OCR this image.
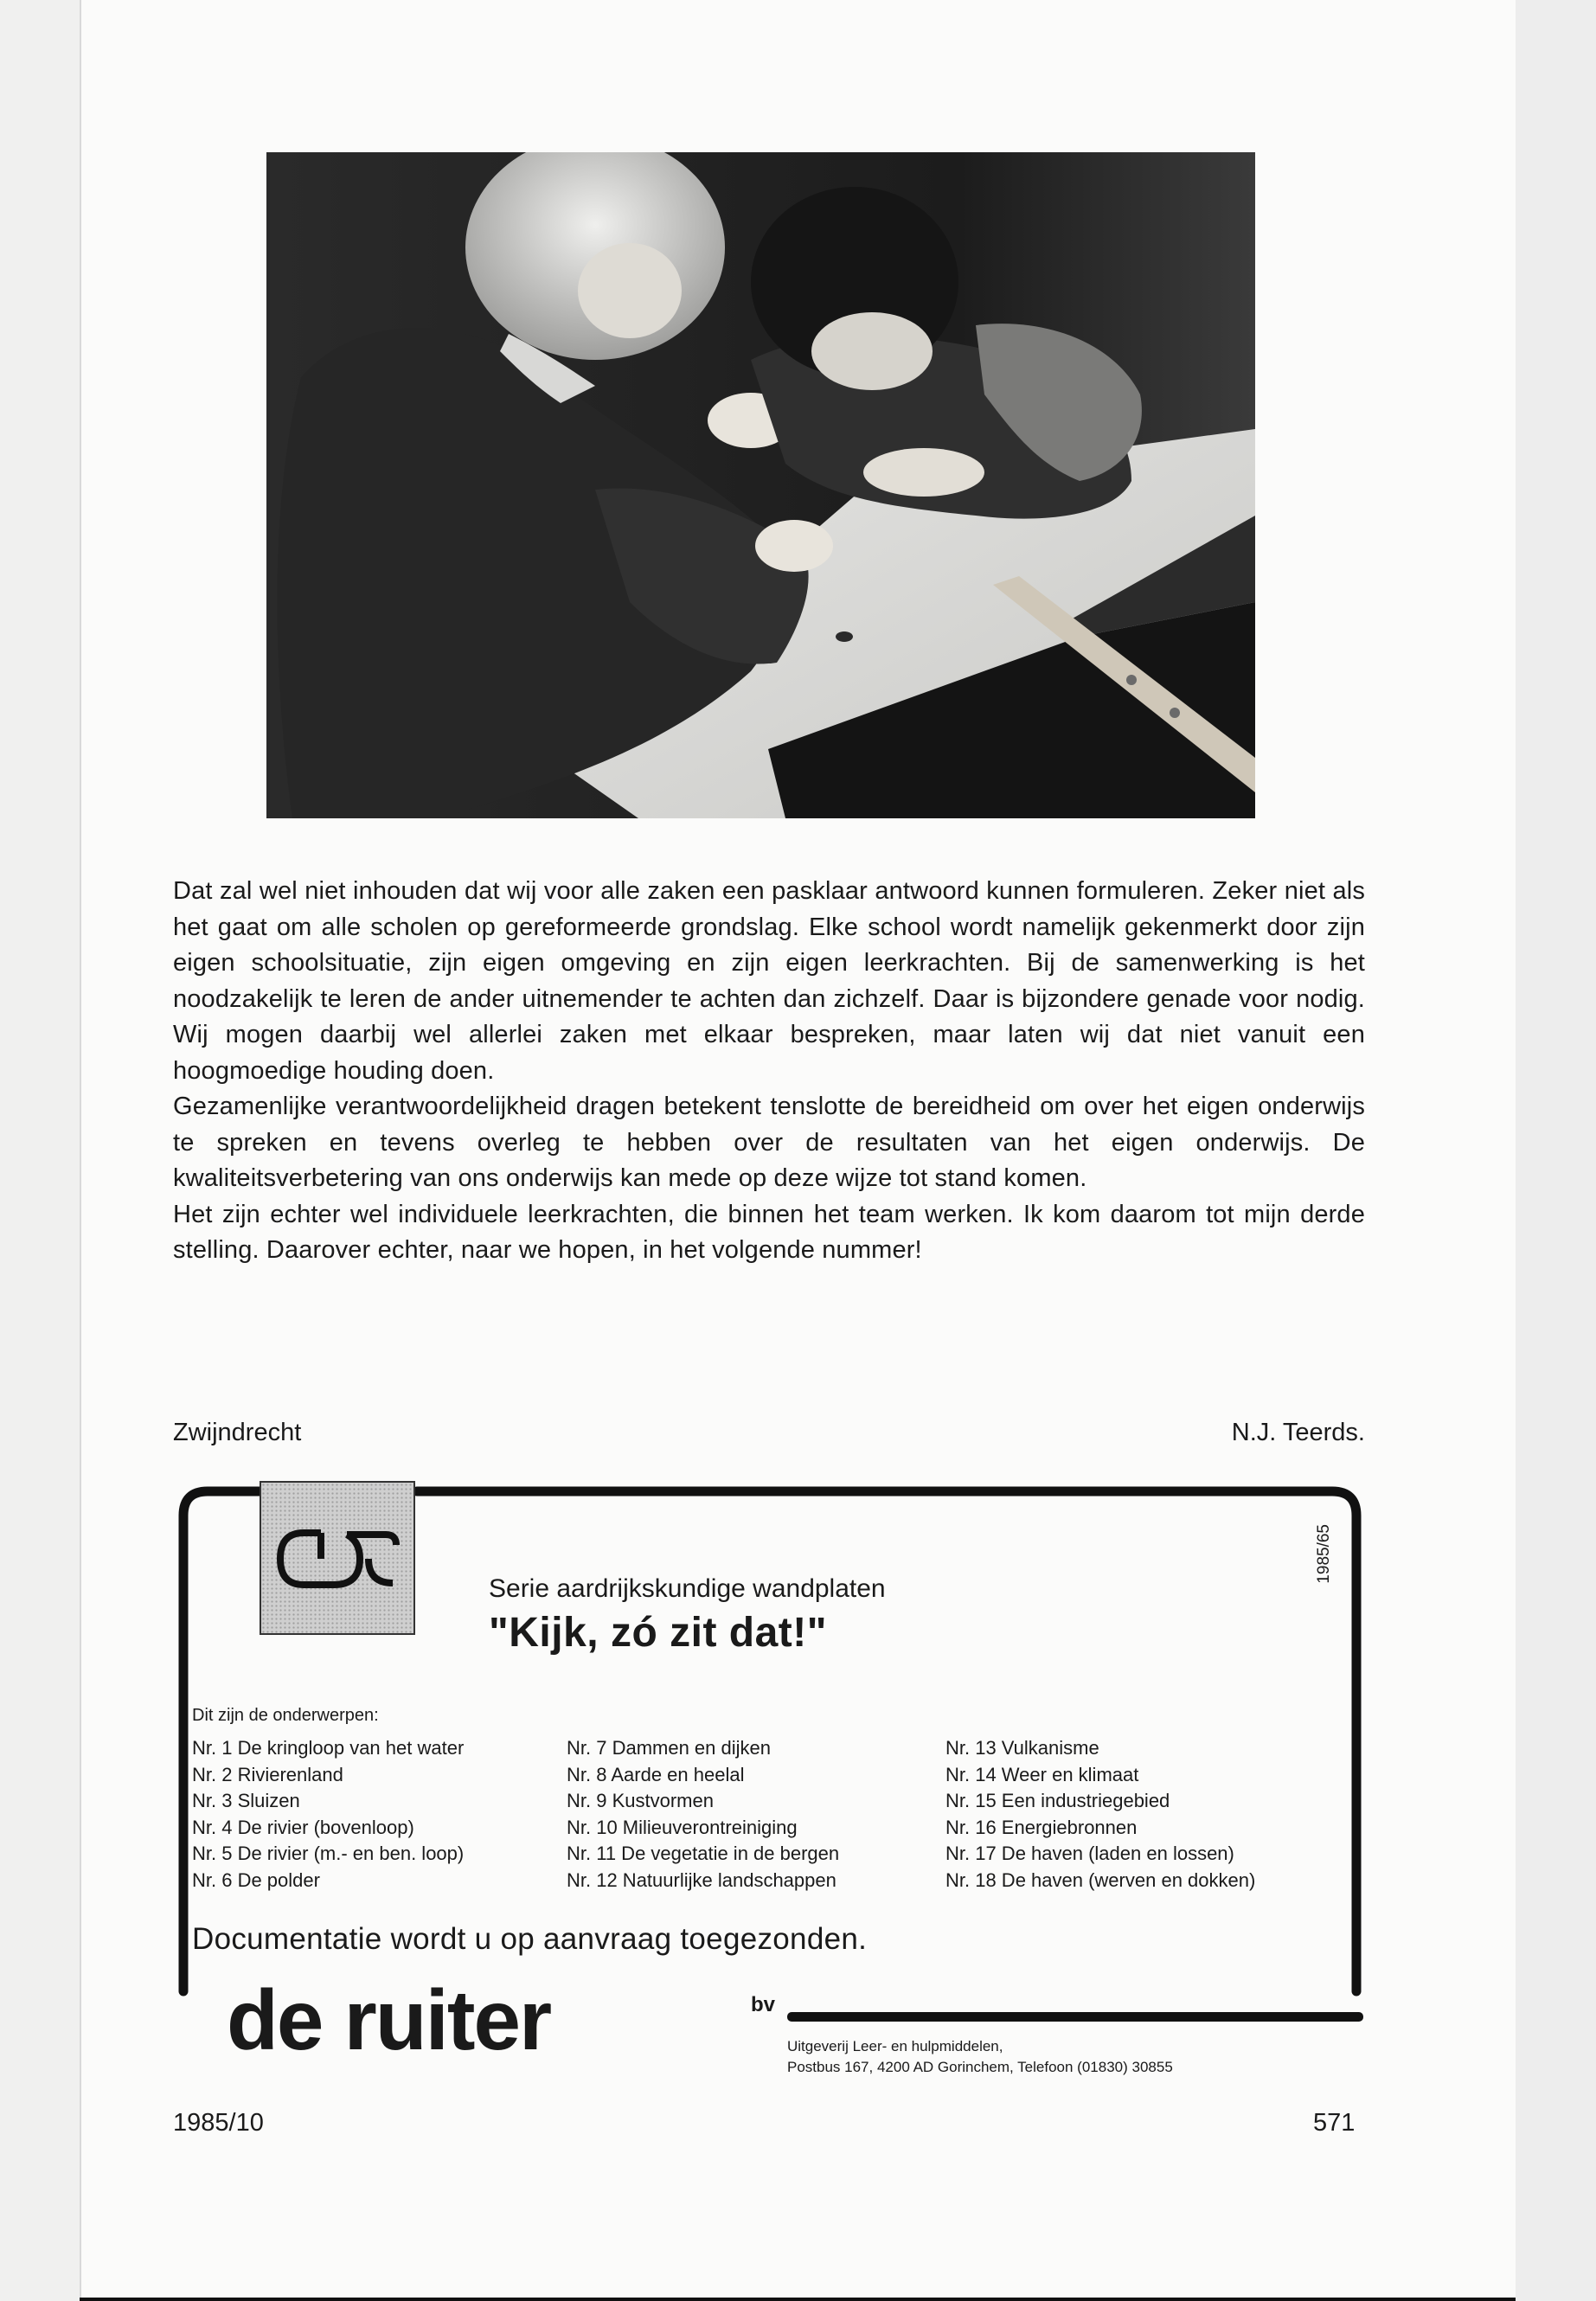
Dat zal wel niet inhouden dat wij voor alle zaken een pasklaar antwoord kunnen formuleren. Zeker niet als het gaat om alle scholen op gereformeerde grondslag. Elke school wordt namelijk gekenmerkt door zijn eigen schoolsituatie, zijn eigen omgeving en zijn eigen leerkrachten. Bij de samenwerking is het noodzakelijk te leren de ander uitnemender te achten dan zichzelf. Daar is bijzondere genade voor nodig. Wij mogen daarbij wel allerlei zaken met elkaar bespreken, maar laten wij dat niet vanuit een hoogmoedige houding doen.

Gezamenlijke verantwoordelijkheid dragen betekent tenslotte de bereidheid om over het eigen onderwijs te spreken en tevens overleg te hebben over de resultaten van het eigen onderwijs. De kwaliteitsverbetering van ons onderwijs kan mede op deze wijze tot stand komen.

Het zijn echter wel individuele leerkrachten, die binnen het team werken. Ik kom daarom tot mijn derde stelling. Daarover echter, naar we hopen, in het volgende nummer!

Zwijndrecht	N.J. Teerds.
Serie aardrijkskundige wandplaten
"Kijk, zó zit dat!"
1985/65
Dit zijn de onderwerpen:
Nr. 1 De kringloop van het water
Nr. 2 Rivierenland
Nr. 3 Sluizen
Nr. 4 De rivier (bovenloop)
Nr. 5 De rivier (m.- en ben. loop)
Nr. 6 De polder
Nr. 7 Dammen en dijken
Nr. 8 Aarde en heelal
Nr. 9 Kustvormen
Nr. 10 Milieuverontreiniging
Nr. 11 De vegetatie in de bergen
Nr. 12 Natuurlijke landschappen
Nr. 13 Vulkanisme
Nr. 14 Weer en klimaat
Nr. 15 Een industriegebied
Nr. 16 Energiebronnen
Nr. 17 De haven (laden en lossen)
Nr. 18 De haven (werven en dokken)
Documentatie wordt u op aanvraag toegezonden.
de ruiter	bv
Uitgeverij Leer- en hulpmiddelen,
Postbus 167, 4200 AD Gorinchem, Telefoon (01830) 30855
1985/10	571
